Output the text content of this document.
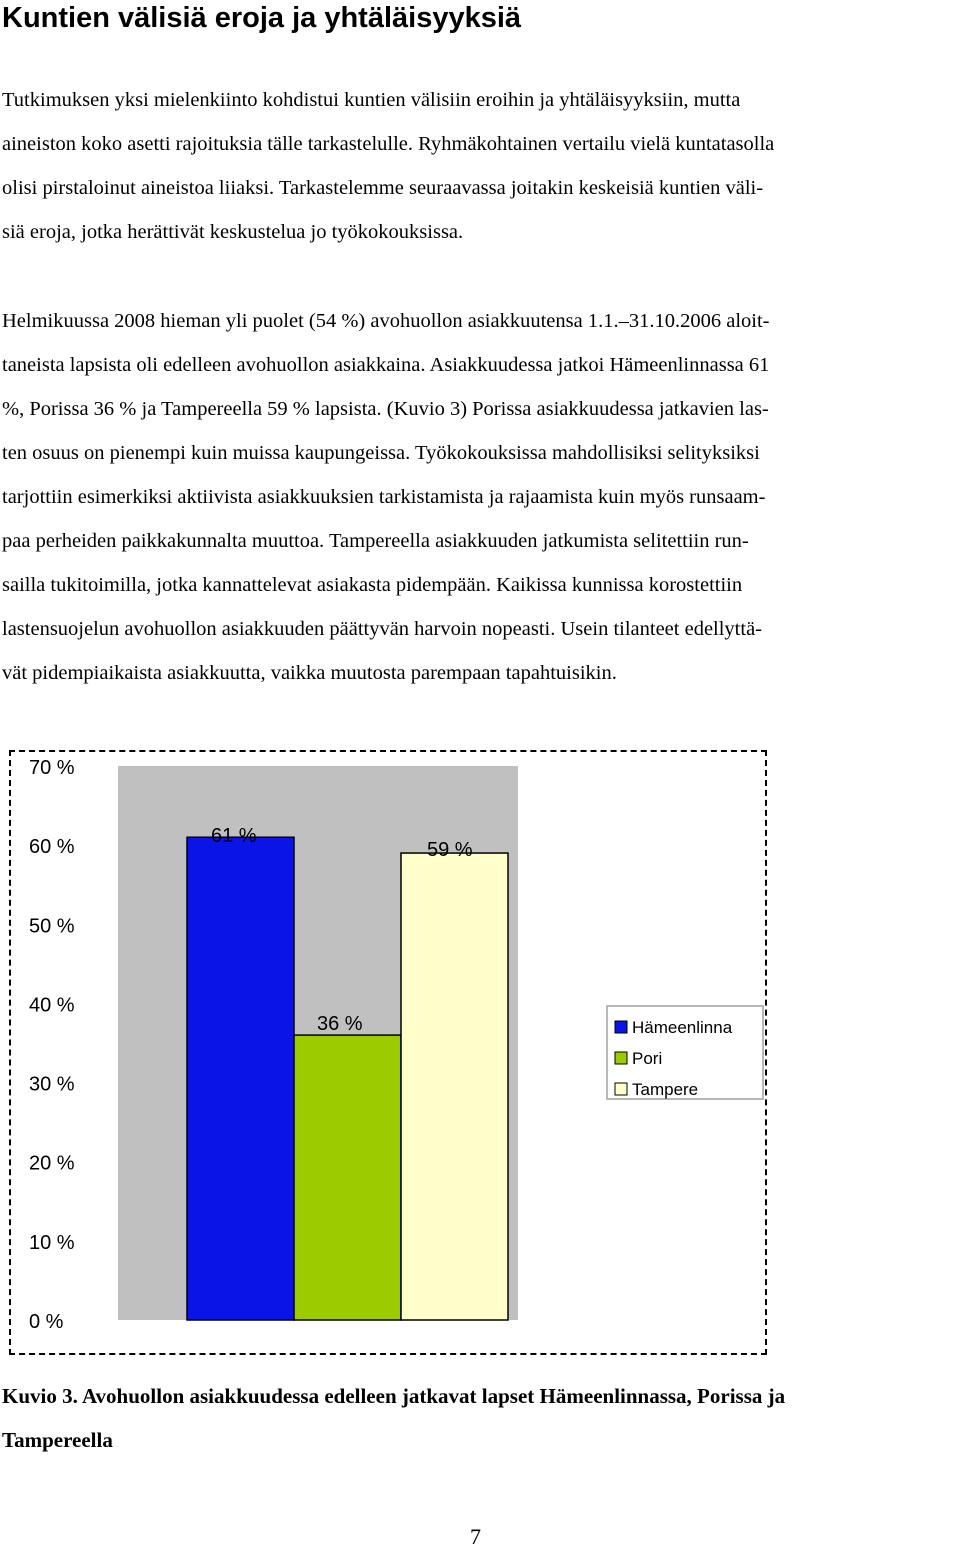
Kuntien välisiä eroja ja yhtäläisyyksiä
Tutkimuksen yksi mielenkiinto kohdistui kuntien välisiin eroihin ja yhtäläisyyksiin, mutta
aineiston koko asetti rajoituksia tälle tarkastelulle. Ryhmäkohtainen vertailu vielä kuntatasolla
olisi pirstaloinut aineistoa liiaksi. Tarkastelemme seuraavassa joitakin keskeisiä kuntien väli-
siä eroja, jotka herättivät keskustelua jo työkokouksissa.
Helmikuussa 2008 hieman yli puolet (54 %) avohuollon asiakkuutensa 1.1.–31.10.2006 aloit-
taneista lapsista oli edelleen avohuollon asiakkaina. Asiakkuudessa jatkoi Hämeenlinnassa 61
%, Porissa 36 % ja Tampereella 59 % lapsista. (Kuvio 3) Porissa asiakkuudessa jatkavien las-
ten osuus on pienempi kuin muissa kaupungeissa. Työkokouksissa mahdollisiksi selityksiksi
tarjottiin esimerkiksi aktiivista asiakkuuksien tarkistamista ja rajaamista kuin myös runsaam-
paa perheiden paikkakunnalta muuttoa. Tampereella asiakkuuden jatkumista selitettiin run-
sailla tukitoimilla, jotka kannattelevat asiakasta pidempään. Kaikissa kunnissa korostettiin
lastensuojelun avohuollon asiakkuuden päättyvän harvoin nopeasti. Usein tilanteet edellyttä-
vät pidempiaikaista asiakkuutta, vaikka muutosta parempaan tapahtuisikin.
0 %
10 %
20 %
30 %
40 %
50 %
60 %
70 %
61 %
36 %
59 %
Hämeenlinna
Pori
Tampere
Kuvio 3. Avohuollon asiakkuudessa edelleen jatkavat lapset Hämeenlinnassa, Porissa ja
Tampereella
7
